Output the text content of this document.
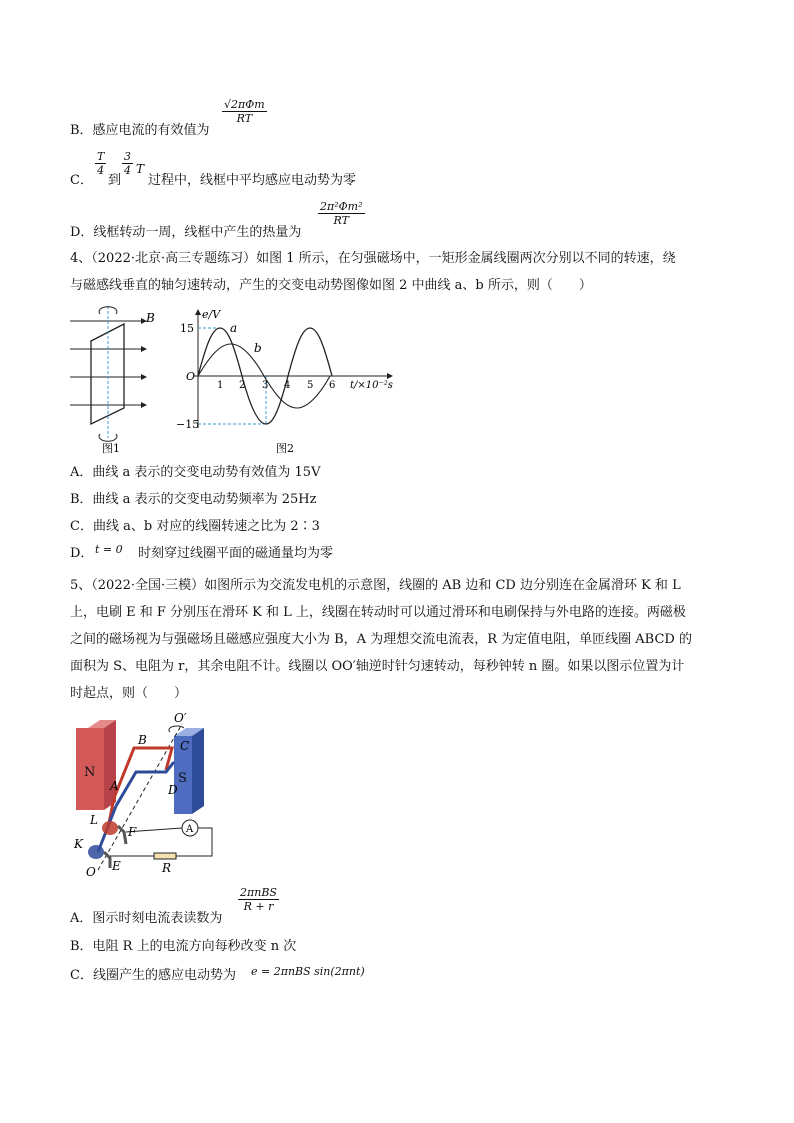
√2πΦm
RT
B．感应电流的有效值为
C．
$\frac{T}{4}$
到
$\frac{3}{4}$ T
过程中，线框中平均感应电动势为零
$\frac{\text{2π²Φm²}}{RT}$
D．线框转动一周，线框中产生的热量为
4、（2022·北京·高三专题练习）如图 1 所示，在匀强磁场中，一矩形金属线圈两次分别以不同的转速，绕
与磁感线垂直的轴匀速转动，产生的交变电动势图像如图 2 中曲线 a、b 所示，则（　　）
B
图1
e/V
15
−15
O
1 2 3 4 5 6 t/×10⁻²s
a
b
图2
A．曲线 a 表示的交变电动势有效值为 15V
B．曲线 a 表示的交变电动势频率为 25Hz
C．曲线 a、b 对应的线圈转速之比为 2∶3
D． t = 0 时刻穿过线圈平面的磁通量均为零
5、（2022·全国·三模）如图所示为交流发电机的示意图，线圈的 AB 边和 CD 边分别连在金属滑环 K 和 L
上，电刷 E 和 F 分别压在滑环 K 和 L 上，线圈在转动时可以通过滑环和电刷保持与外电路的连接。两磁极
之间的磁场视为与强磁场且磁感应强度大小为 B，A 为理想交流电流表，R 为定值电阻，单匝线圈 ABCD 的
面积为 S、电阻为 r，其余电阻不计。线圈以 OO′轴逆时针匀速转动，每秒钟转 n 圈。如果以图示位置为计
时起点，则（　　）
N	S
A
O′
B	C
A	D
L
F
K
E	R
O
2πnBS
R + r
A．图示时刻电流表读数为
B．电阻 R 上的电流方向每秒改变 n 次
C．线圈产生的感应电动势为 e = 2πnBS sin(2πnt)
